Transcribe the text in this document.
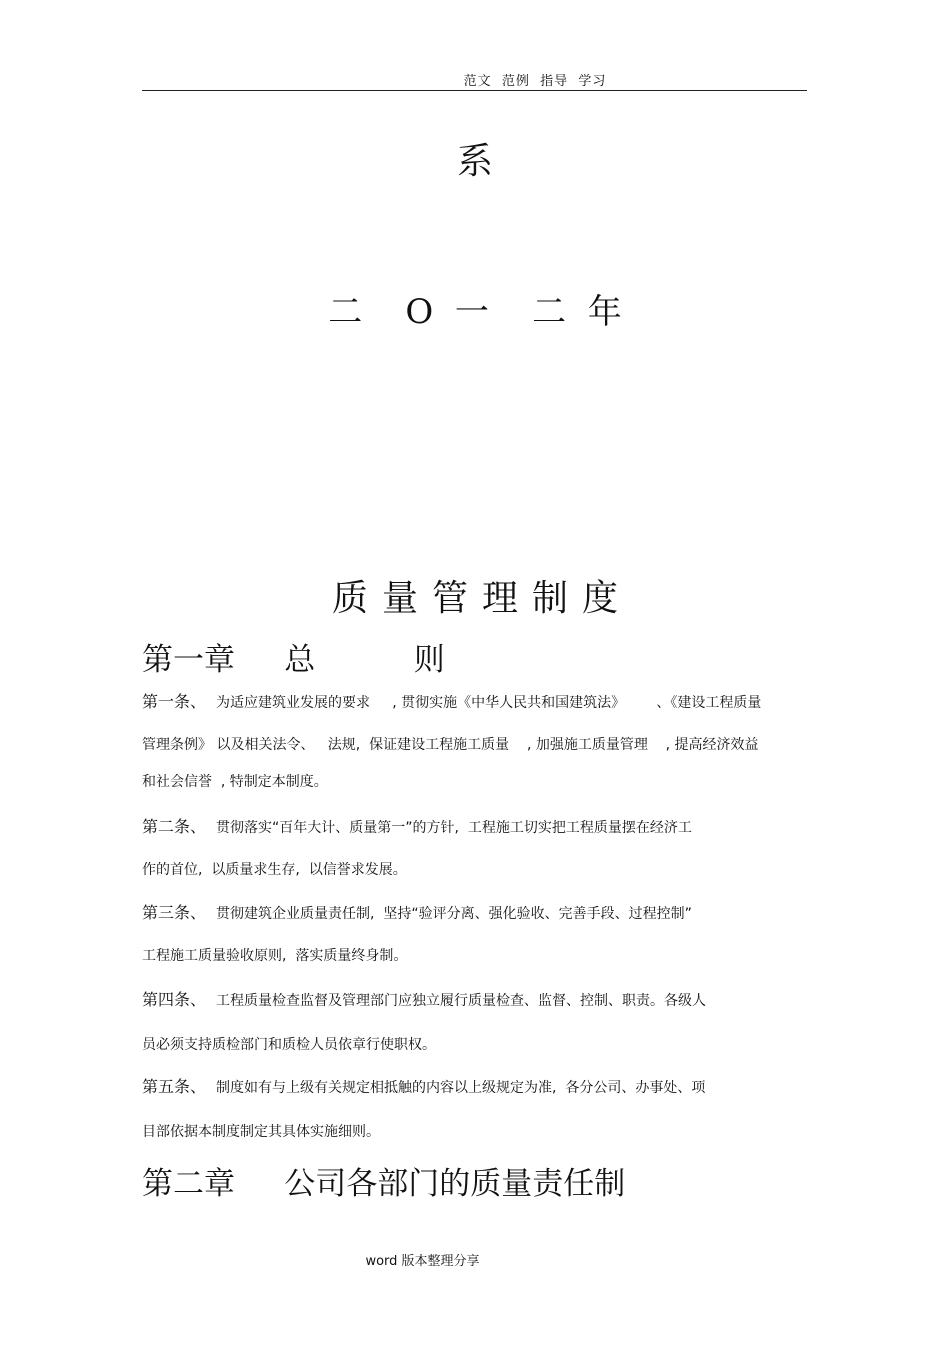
范文  范例  指导  学习
系
二    O  一    二  年
质量管理制度
第一章     总          则
第一条、 为适应建筑业发展的要求     , 贯彻实施《中华人民共和国建筑法》       、《建设工程质量
管理条例》 以及相关法令、   法规,  保证建设工程施工质量    , 加强施工质量管理    , 提高经济效益
和社会信誉  , 特制定本制度。
第二条、 贯彻落实“百年大计、质量第一”的方针,  工程施工切实把工程质量摆在经济工
作的首位,  以质量求生存,  以信誉求发展。
第三条、 贯彻建筑企业质量责任制,  坚持“验评分离、强化验收、完善手段、过程控制”
工程施工质量验收原则,  落实质量终身制。
第四条、 工程质量检查监督及管理部门应独立履行质量检查、监督、控制、职责。各级人
员必须支持质检部门和质检人员依章行使职权。
第五条、 制度如有与上级有关规定相抵触的内容以上级规定为准,  各分公司、办事处、项
目部依据本制度制定其具体实施细则。
第二章     公司各部门的质量责任制
word 版本整理分享
